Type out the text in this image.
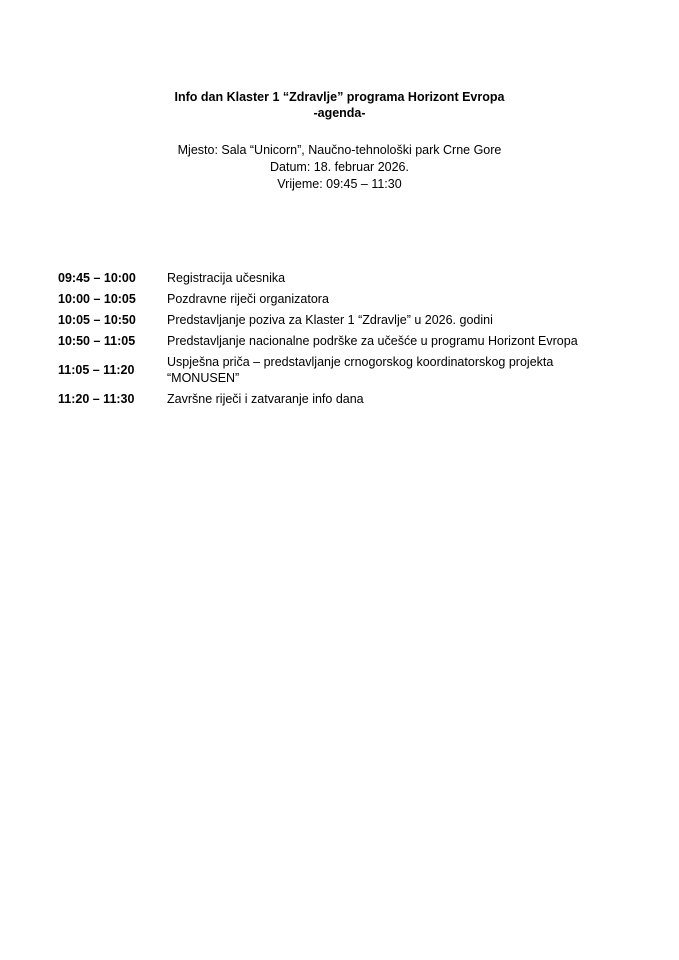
Info dan Klaster 1 “Zdravlje” programa Horizont Evropa

-agenda-

Mjesto: Sala “Unicorn”, Naučno-tehnološki park Crne Gore
Datum: 18. februar 2026.
Vrijeme: 09:45 – 11:30
09:45 – 10:00	Registracija učesnika
10:00 – 10:05	Pozdravne riječi organizatora
10:05 – 10:50	Predstavljanje poziva za Klaster 1 “Zdravlje” u 2026. godini
10:50 – 11:05	Predstavljanje nacionalne podrške za učešće u programu Horizont Evropa
11:05 – 11:20	Uspješna priča – predstavljanje crnogorskog koordinatorskog projekta “MONUSEN”
11:20 – 11:30	Završne riječi i zatvaranje info dana
